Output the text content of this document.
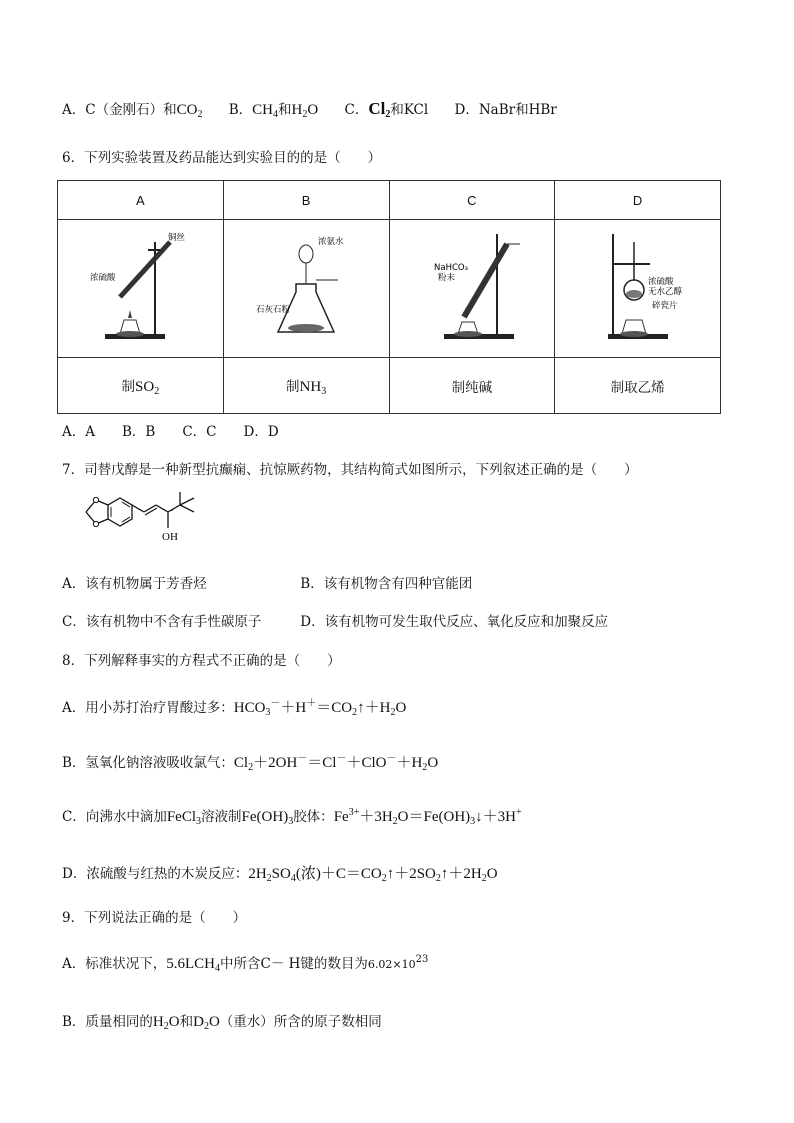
A．C（金刚石）和$CO_2$ B．$CH_4$和$H_2O$ C．$Cl_2$和KCl D．NaBr和HBr
6．下列实验装置及药品能达到实验目的的是（　　）
A	B	C	D

铜丝
浓硫酸	浓氨水
石灰石粉	NaHCO₃
粉末	浓硫酸
无水乙醇
碎瓷片

制$SO_2$	制$NH_3$	制纯碱	制取乙烯
A．A　　B．B　　C．C　　D．D
7．司替戊醇是一种新型抗癫痫、抗惊厥药物，其结构简式如图所示，下列叙述正确的是（　　）
OH
A．该有机物属于芳香烃	B．该有机物含有四种官能团
C．该有机物中不含有手性碳原子	D．该有机物可发生取代反应、氧化反应和加聚反应
8．下列解释事实的方程式不正确的是（　　）
A．用小苏打治疗胃酸过多：$HCO_3^-+H^+=CO_2↑+H_2O$
B．氢氧化钠溶液吸收氯气：$Cl_2+2OH^-=Cl^-+ClO^-+H_2O$
C．向沸水中滴加FeCl$_3$溶液制$Fe(OH)_3$胶体：$Fe^{3+}+3H_2O=Fe(OH)_3↓+3H^+$
D．浓硫酸与红热的木炭反应：$2H_2SO_4$(浓)$+C=CO_2↑+2SO_2↑+2H_2O$
9．下列说法正确的是（　　）
A．标准状况下，$5.6LCH_4$中所含C－ H键的数目为$6.02\times 10^{23}$
B．质量相同的$H_2O$和$D_2O$（重水）所含的原子数相同
